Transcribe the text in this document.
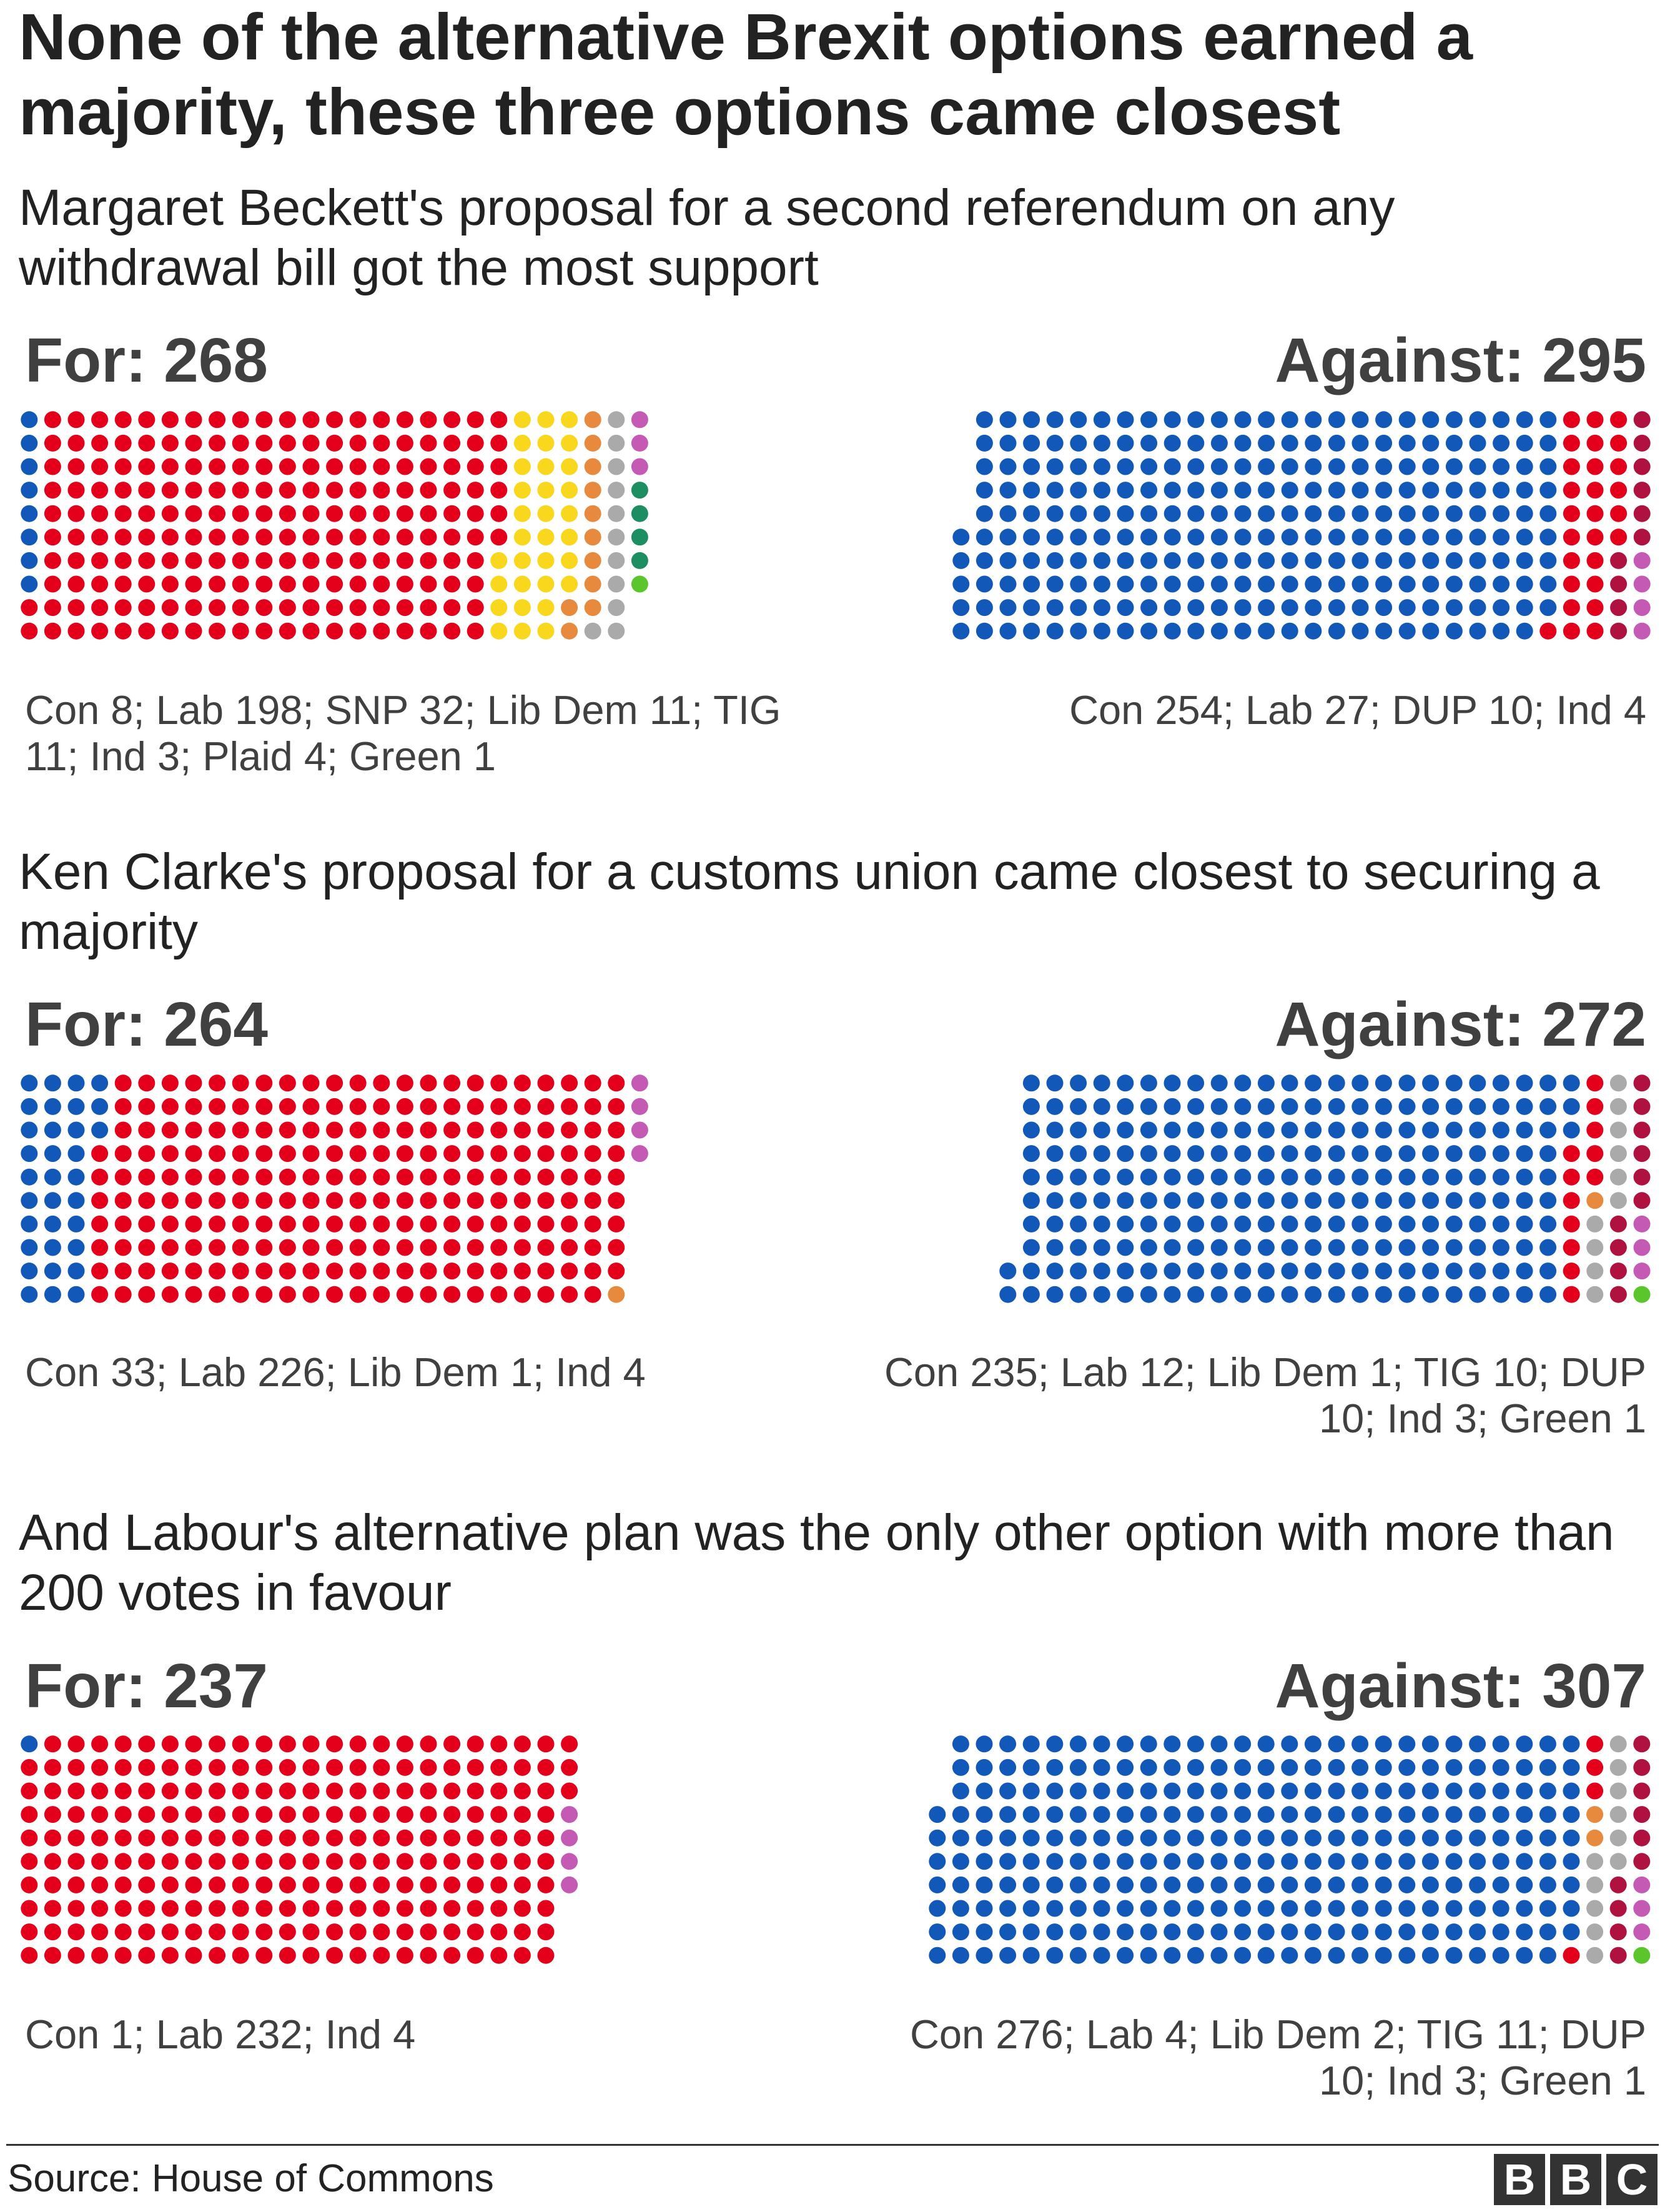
None of the alternative Brexit options earned a majority, these three options came closest

Margaret Beckett's proposal for a second referendum on any withdrawal bill got the most support

For: 268	Against: 295
Con 8; Lab 198; SNP 32; Lib Dem 11; TIG 11; Ind 3; Plaid 4; Green 1
Con 254; Lab 27; DUP 10; Ind 4

Ken Clarke's proposal for a customs union came closest to securing a majority

For: 264	Against: 272
Con 33; Lab 226; Lib Dem 1; Ind 4	Con 235; Lab 12; Lib Dem 1; TIG 10; DUP 10; Ind 3; Green 1

And Labour's alternative plan was the only other option with more than 200 votes in favour

For: 237	Against: 307
Con 1; Lab 232; Ind 4	Con 276; Lab 4; Lib Dem 2; TIG 11; DUP 10; Ind 3; Green 1
Source: House of Commons	B B C
